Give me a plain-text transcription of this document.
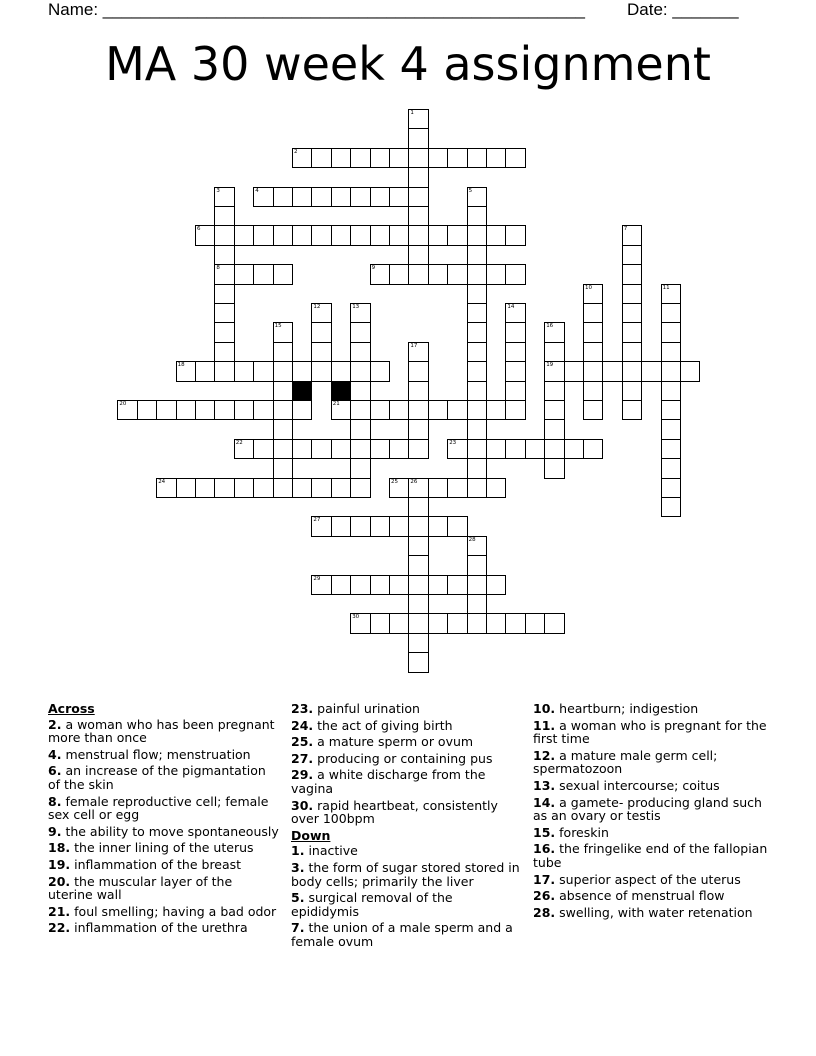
Name: ___________________________________________________ Date: _______
MA 30 week 4 assignment
1
2
3
8
4	5
6	7
9
10	11
12	13	14
15	16
19
17
18
20	21
22	23
24	25 26
27
28
29
30
Across
2. a woman who has been pregnant more than once
4. menstrual flow; menstruation
6. an increase of the pigmantation of the skin
8. female reproductive cell; female sex cell or egg
9. the ability to move spontaneously
18. the inner lining of the uterus
19. inflammation of the breast
20. the muscular layer of the uterine wall
21. foul smelling; having a bad odor
22. inflammation of the urethra
23. painful urination
24. the act of giving birth
25. a mature sperm or ovum
27. producing or containing pus
29. a white discharge from the vagina
30. rapid heartbeat, consistently over 100bpm
Down
1. inactive
3. the form of sugar stored stored in body cells; primarily the liver
5. surgical removal of the epididymis
7. the union of a male sperm and a female ovum
10. heartburn; indigestion
11. a woman who is pregnant for the first time
12. a mature male germ cell; spermatozoon
13. sexual intercourse; coitus
14. a gamete- producing gland such as an ovary or testis
15. foreskin
16. the fringelike end of the fallopian tube
17. superior aspect of the uterus
26. absence of menstrual flow
28. swelling, with water retenation
